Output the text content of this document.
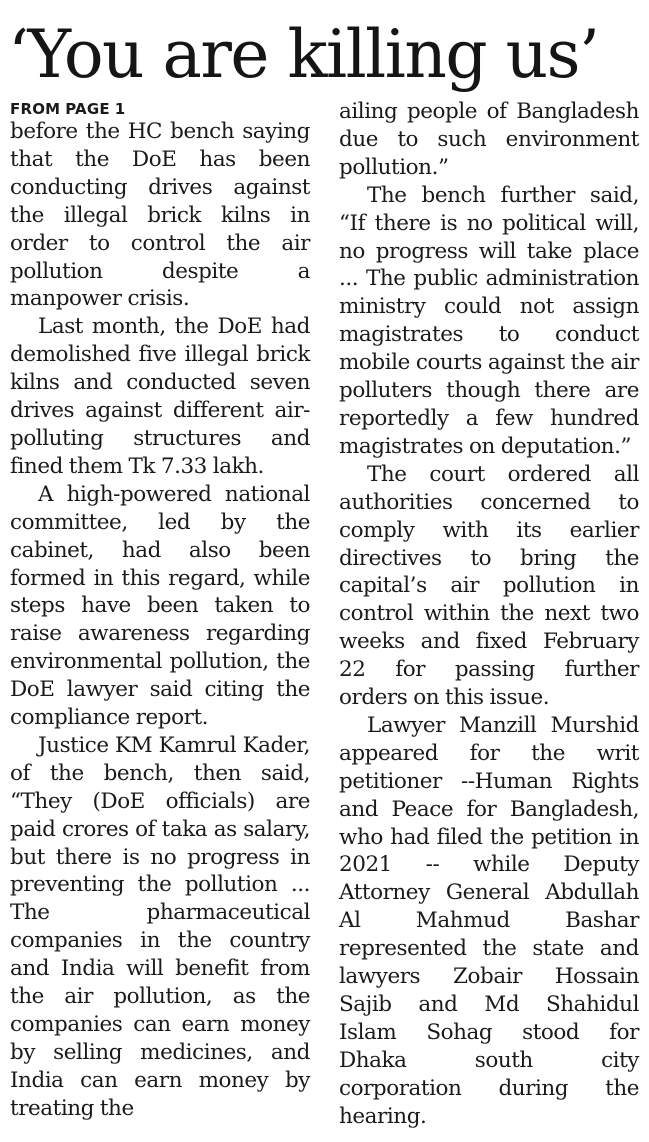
‘You are killing us’
FROM PAGE 1

before the HC bench saying that the DoE has been conducting drives against the illegal brick kilns in order to control the air pollution despite a manpower crisis.

Last month, the DoE had demolished five illegal brick kilns and conducted seven drives against different air-polluting structures and fined them Tk 7.33 lakh.

A high-powered national committee, led by the cabinet, had also been formed in this regard, while steps have been taken to raise awareness regarding environmental pollution, the DoE lawyer said citing the compliance report.

Justice KM Kamrul Kader, of the bench, then said, “They (DoE officials) are paid crores of taka as salary, but there is no progress in preventing the pollution ... The pharmaceutical companies in the country and India will benefit from the air pollution, as the companies can earn money by selling medicines, and India can earn money by treating the

ailing people of Bangladesh due to such environment pollution.”

The bench further said, “If there is no political will, no progress will take place ... The public administration ministry could not assign magistrates to conduct mobile courts against the air polluters though there are reportedly a few hundred magistrates on deputation.”

The court ordered all authorities concerned to comply with its earlier directives to bring the capital’s air pollution in control within the next two weeks and fixed February 22 for passing further orders on this issue.

Lawyer Manzill Murshid appeared for the writ petitioner --Human Rights and Peace for Bangladesh, who had filed the petition in 2021 -- while Deputy Attorney General Abdullah Al Mahmud Bashar represented the state and lawyers Zobair Hossain Sajib and Md Shahidul Islam Sohag stood for Dhaka south city corporation during the hearing.
